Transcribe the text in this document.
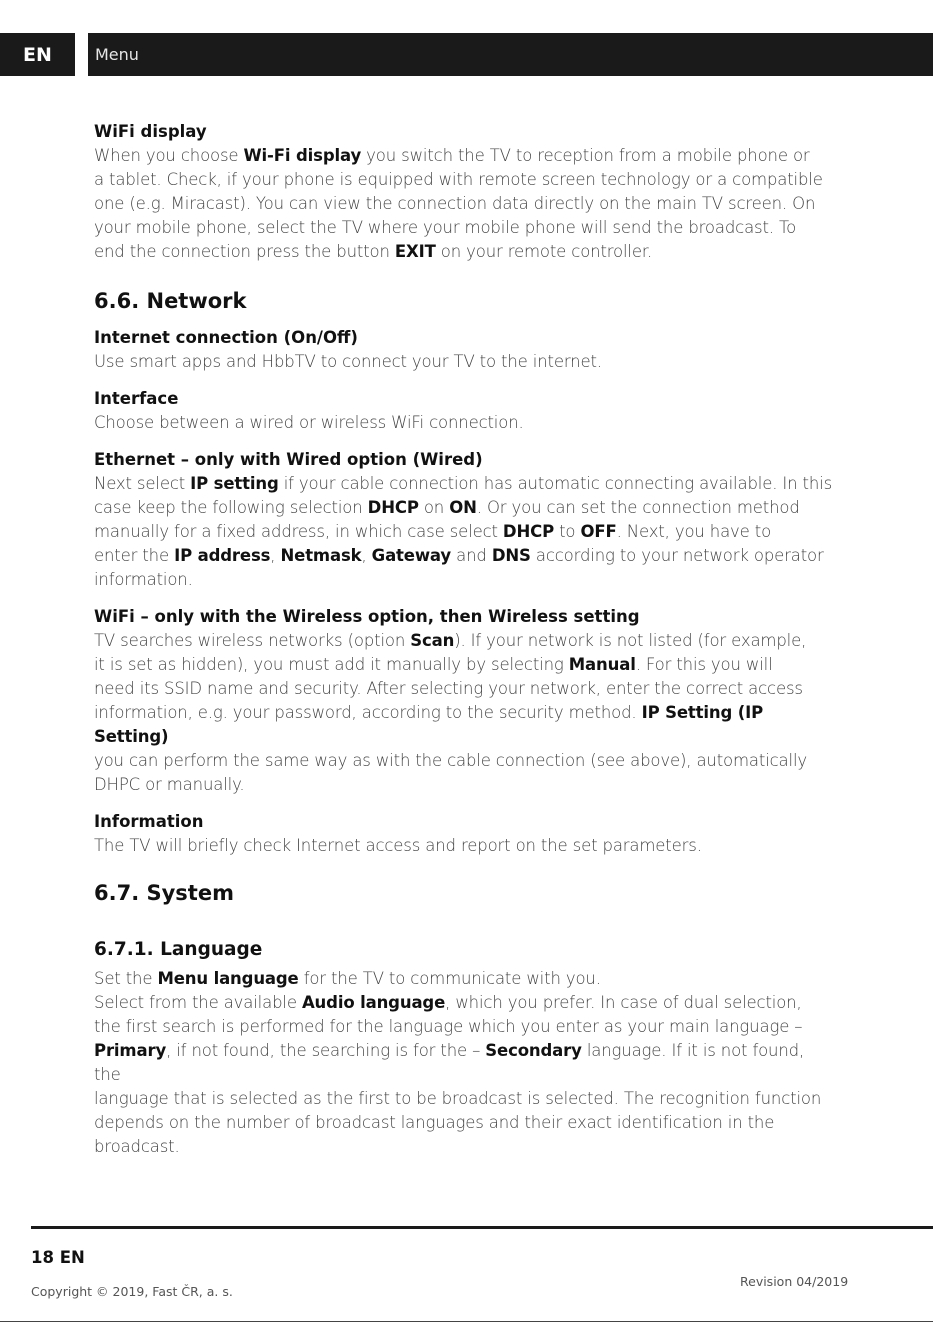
EN	Menu

WiFi display

When you choose Wi-Fi display you switch the TV to reception from a mobile phone or
a tablet. Check, if your phone is equipped with remote screen technology or a compatible
one (e.g. Miracast). You can view the connection data directly on the main TV screen. On
your mobile phone, select the TV where your mobile phone will send the broadcast. To
end the connection press the button EXIT on your remote controller.

6.6. Network

Internet connection (On/Off)

Use smart apps and HbbTV to connect your TV to the internet.

Interface

Choose between a wired or wireless WiFi connection.

Ethernet – only with Wired option (Wired)

Next select IP setting if your cable connection has automatic connecting available. In this
case keep the following selection DHCP on ON. Or you can set the connection method
manually for a fixed address, in which case select DHCP to OFF. Next, you have to
enter the IP address, Netmask, Gateway and DNS according to your network operator
information.

WiFi – only with the Wireless option, then Wireless setting

TV searches wireless networks (option Scan). If your network is not listed (for example,
it is set as hidden), you must add it manually by selecting Manual. For this you will
need its SSID name and security. After selecting your network, enter the correct access
information, e.g. your password, according to the security method. IP Setting (IP Setting)
you can perform the same way as with the cable connection (see above), automatically
DHPC or manually.

Information

The TV will briefly check Internet access and report on the set parameters.

6.7. System
6.7.1. Language

Set the Menu language for the TV to communicate with you.
Select from the available Audio language, which you prefer. In case of dual selection,
the first search is performed for the language which you enter as your main language –
Primary, if not found, the searching is for the – Secondary language. If it is not found, the
language that is selected as the first to be broadcast is selected. The recognition function
depends on the number of broadcast languages and their exact identification in the
broadcast.

18 EN
Copyright © 2019, Fast ČR, a. s.
Revision 04/2019
